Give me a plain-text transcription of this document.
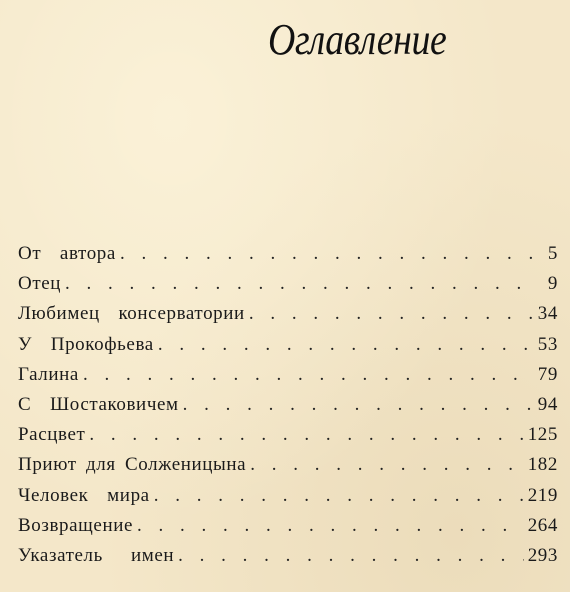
Оглавление
От  автора . . .	5
Отец . . .	9
Любимец  консерватории . . .	34
У  Прокофьева . . .	53
Галина . . .	79
С  Шостаковичем . . .	94
Расцвет . . .	125
Приют для Солженицына . . .	182
Человек  мира . . .	219
Возвращение . . .	264
Указатель   имен . . .	293
